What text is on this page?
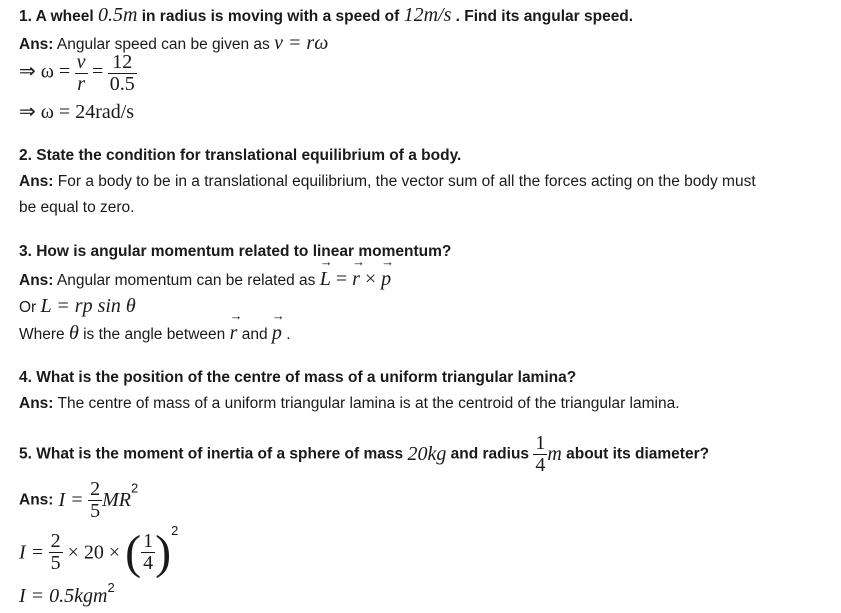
1. A wheel 0.5m in radius is moving with a speed of 12m/s . Find its angular speed.
Ans: Angular speed can be given as v = rω
⇒ $\omega = \frac{v}{r} = \frac{12}{0.5}$
⇒ ω = 24rad/s
2. State the condition for translational equilibrium of a body.
Ans: For a body to be in a translational equilibrium, the vector sum of all the forces acting on the body must
be equal to zero.
3. How is angular momentum related to linear momentum?
Ans: Angular momentum can be related as L → = r → × p →
Or L = rp sin θ
Where θ is the angle between r → and p → .
4. What is the position of the centre of mass of a uniform triangular lamina?
Ans: The centre of mass of a uniform triangular lamina is at the centroid of the triangular lamina.
5. What is the moment of inertia of a sphere of mass 20kg and radius $\frac{1}{4}$ m about its diameter?
Ans: $I = \frac{2}{5} MR^2$
$I = \frac{2}{5} \times 20$ × ( $\frac{1}{4} )^2$
I = 0.5kgm$^2$
